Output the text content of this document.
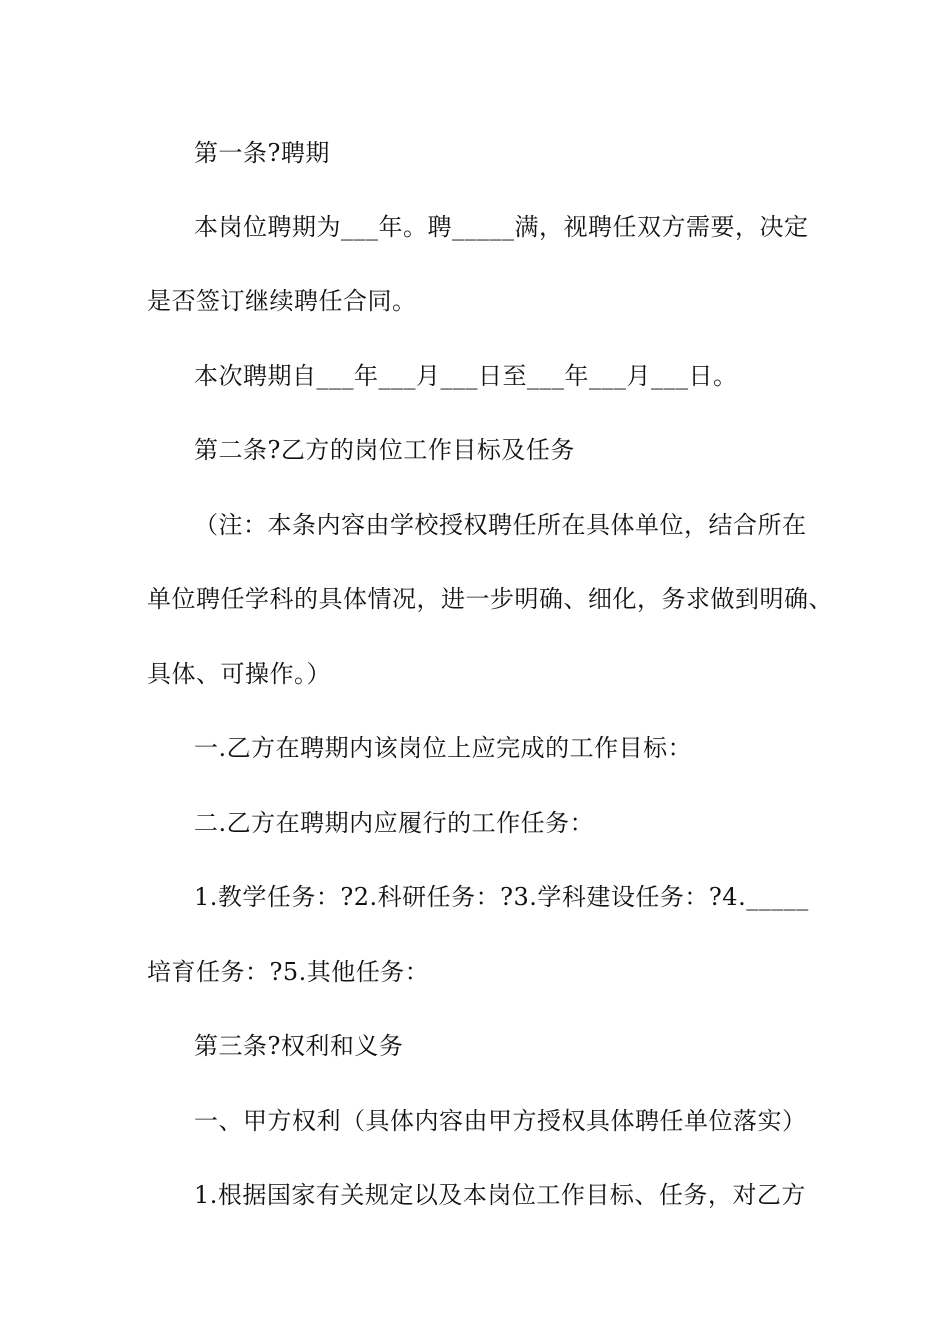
第一条?聘期
本岗位聘期为___年。聘_____满，视聘任双方需要，决定
是否签订继续聘任合同。
本次聘期自___年___月___日至___年___月___日。
第二条?乙方的岗位工作目标及任务
（注：本条内容由学校授权聘任所在具体单位，结合所在
单位聘任学科的具体情况，进一步明确、细化，务求做到明确、
具体、可操作。）
一.乙方在聘期内该岗位上应完成的工作目标：
二.乙方在聘期内应履行的工作任务：
1.教学任务：?2.科研任务：?3.学科建设任务：?4._____
培育任务：?5.其他任务：
第三条?权利和义务
一、甲方权利（具体内容由甲方授权具体聘任单位落实）
1.根据国家有关规定以及本岗位工作目标、任务，对乙方
